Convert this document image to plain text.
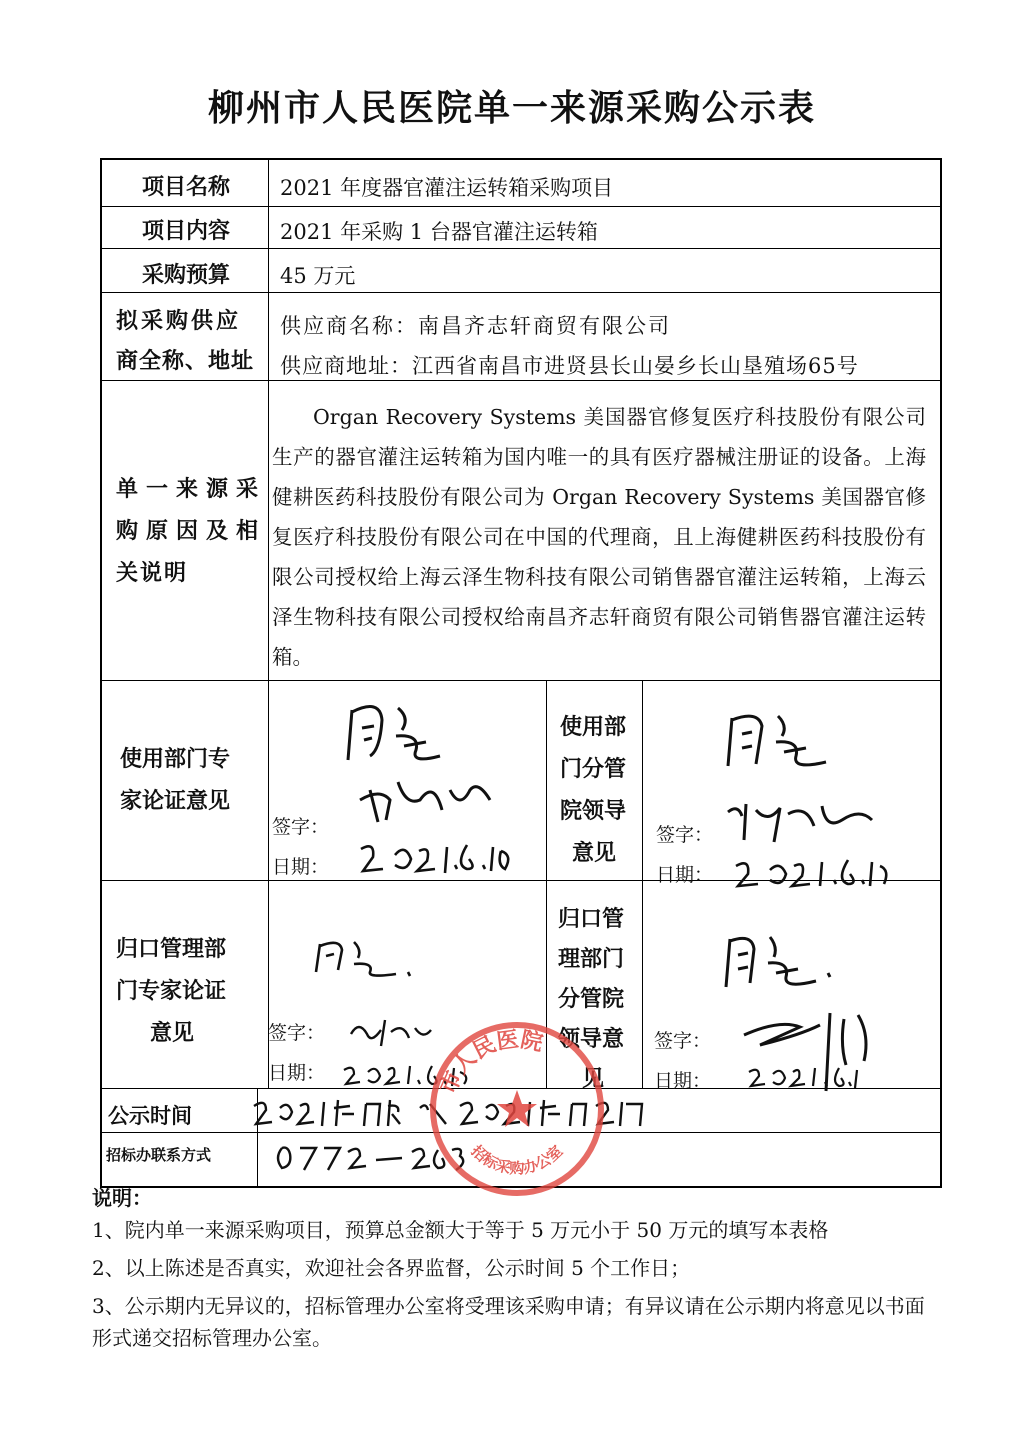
柳州市人民医院单一来源采购公示表
项目名称 2021 年度器官灌注运转箱采购项目
项目内容 2021 年采购 1 台器官灌注运转箱
采购预算 45 万元
拟采购供应
商全称、地址
供应商名称：南昌齐志轩商贸有限公司
供应商地址：江西省南昌市进贤县长山晏乡长山垦殖场65号
单一来源采
购原因及相
关说明
Organ Recovery Systems 美国器官修复医疗科技股份有限公司生产的器官灌注运转箱为国内唯一的具有医疗器械注册证的设备。上海健耕医药科技股份有限公司为 Organ Recovery Systems 美国器官修复医疗科技股份有限公司在中国的代理商，且上海健耕医药科技股份有限公司授权给上海云泽生物科技有限公司销售器官灌注运转箱，上海云泽生物科技有限公司授权给南昌齐志轩商贸有限公司销售器官灌注运转箱。
使用部门专
家论证意见
签字：
日期：
使用部
门分管
院领导
意见
签字：
日期：
归口管理部
门专家论证
意见	签字：
日期：
归口管
理部门
分管院
领导意
见
签字：
日期：
公示时间
招标办联系方式
市人民医院
招标采购办公室
说明：
1、院内单一来源采购项目，预算总金额大于等于 5 万元小于 50 万元的填写本表格
2、以上陈述是否真实，欢迎社会各界监督，公示时间 5 个工作日；
3、公示期内无异议的，招标管理办公室将受理该采购申请；有异议请在公示期内将意见以书面形式递交招标管理办公室。
